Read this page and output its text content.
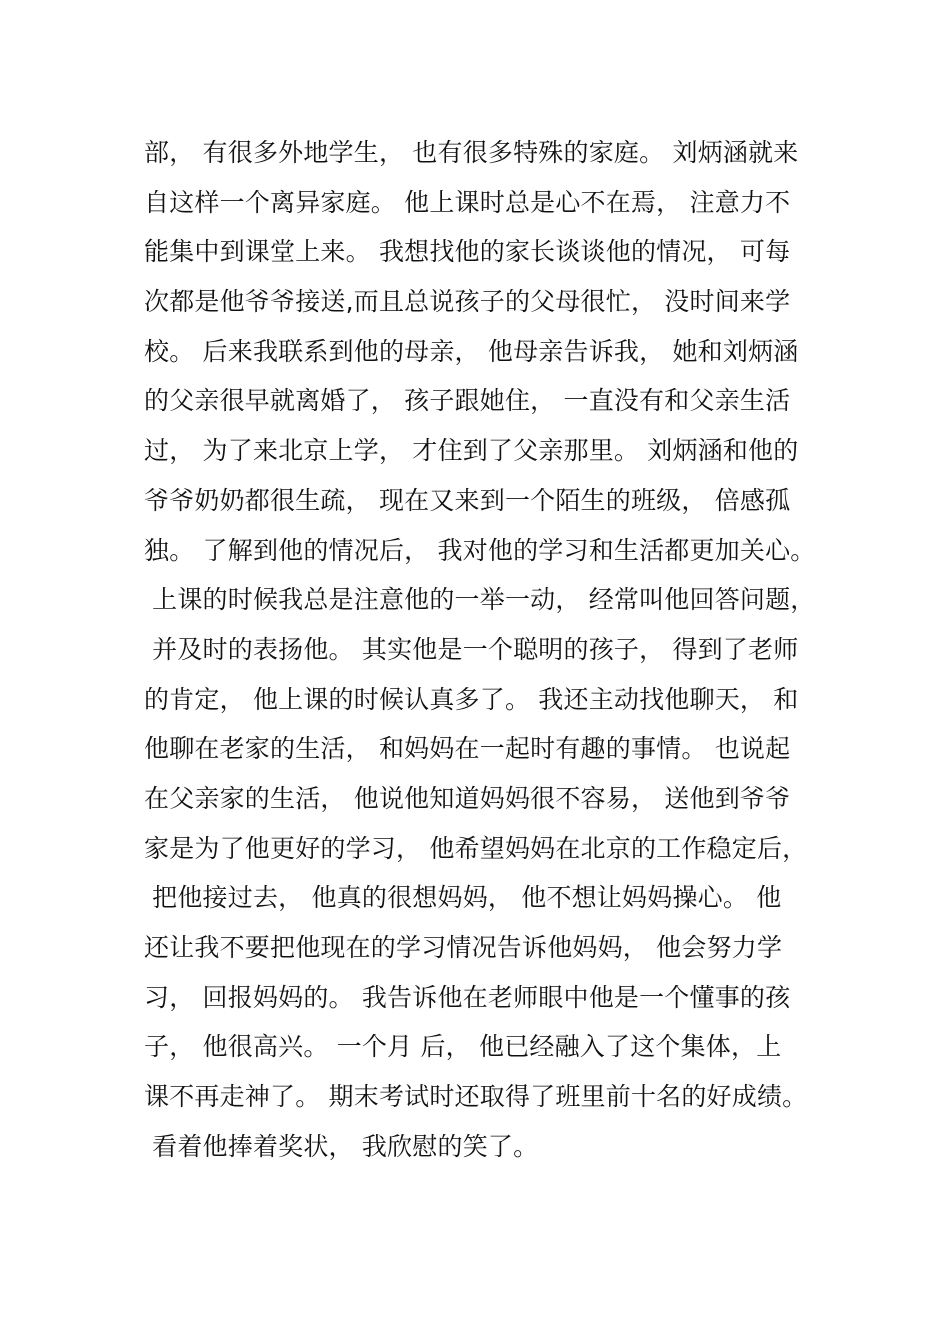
部， 有很多外地学生， 也有很多特殊的家庭。 刘炳涵就来
自这样一个离异家庭。 他上课时总是心不在焉， 注意力不
能集中到课堂上来。 我想找他的家长谈谈他的情况， 可每
次都是他爷爷接送,而且总说孩子的父母很忙， 没时间来学
校。 后来我联系到他的母亲， 他母亲告诉我， 她和刘炳涵
的父亲很早就离婚了， 孩子跟她住， 一直没有和父亲生活
过， 为了来北京上学， 才住到了父亲那里。 刘炳涵和他的
爷爷奶奶都很生疏， 现在又来到一个陌生的班级， 倍感孤
独。 了解到他的情况后， 我对他的学习和生活都更加关心。
上课的时候我总是注意他的一举一动， 经常叫他回答问题，
并及时的表扬他。 其实他是一个聪明的孩子， 得到了老师
的肯定， 他上课的时候认真多了。 我还主动找他聊天， 和
他聊在老家的生活， 和妈妈在一起时有趣的事情。 也说起
在父亲家的生活， 他说他知道妈妈很不容易， 送他到爷爷
家是为了他更好的学习， 他希望妈妈在北京的工作稳定后，
把他接过去， 他真的很想妈妈， 他不想让妈妈操心。 他
还让我不要把他现在的学习情况告诉他妈妈， 他会努力学
习， 回报妈妈的。 我告诉他在老师眼中他是一个懂事的孩
子， 他很高兴。 一个月 后， 他已经融入了这个集体，上
课不再走神了。 期末考试时还取得了班里前十名的好成绩。
看着他捧着奖状， 我欣慰的笑了。
